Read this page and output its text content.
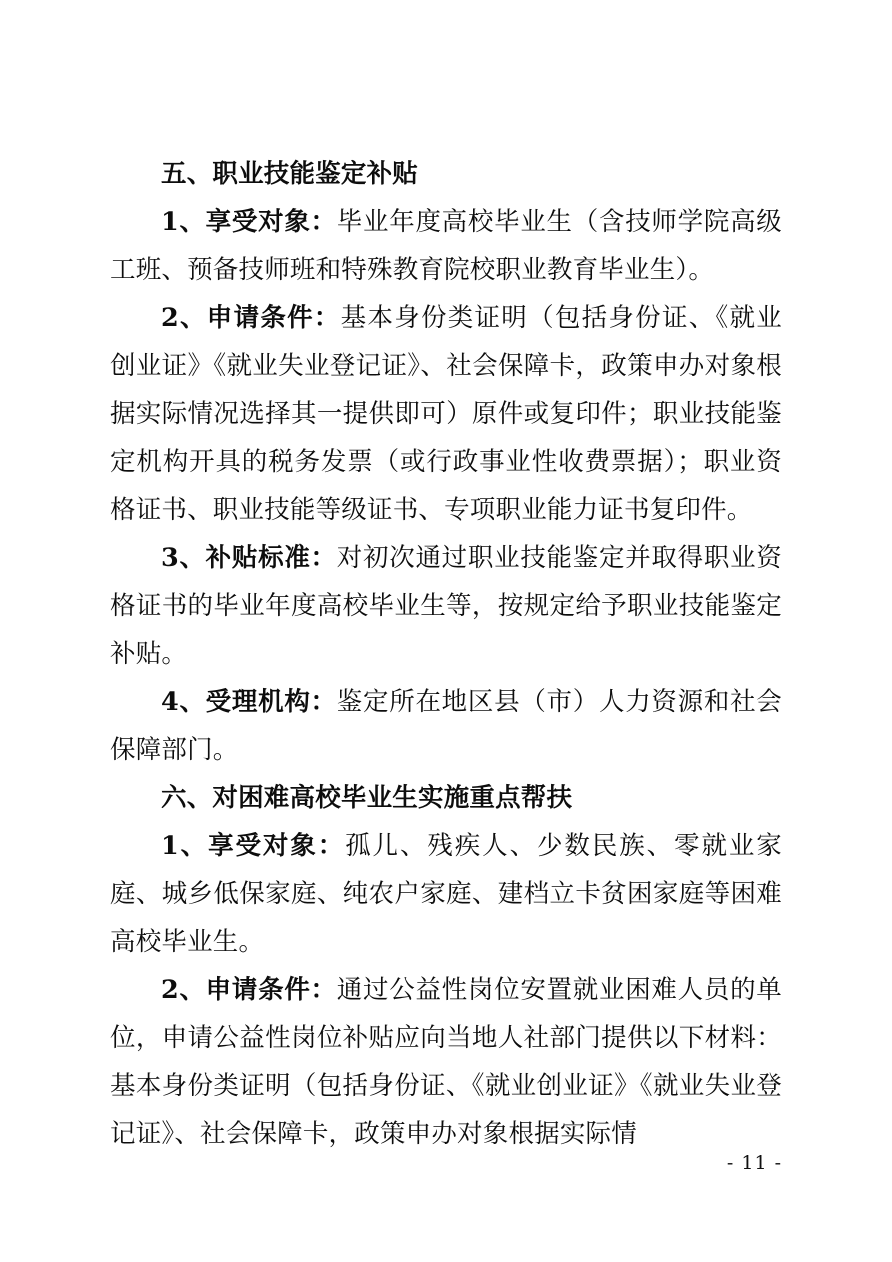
五、职业技能鉴定补贴

1、享受对象：毕业年度高校毕业生（含技师学院高级工班、预备技师班和特殊教育院校职业教育毕业生）。

2、申请条件：基本身份类证明（包括身份证、《就业创业证》《就业失业登记证》、社会保障卡，政策申办对象根据实际情况选择其一提供即可）原件或复印件；职业技能鉴定机构开具的税务发票（或行政事业性收费票据）；职业资格证书、职业技能等级证书、专项职业能力证书复印件。

3、补贴标准：对初次通过职业技能鉴定并取得职业资格证书的毕业年度高校毕业生等，按规定给予职业技能鉴定补贴。

4、受理机构：鉴定所在地区县（市）人力资源和社会保障部门。

六、对困难高校毕业生实施重点帮扶

1、享受对象：孤儿、残疾人、少数民族、零就业家庭、城乡低保家庭、纯农户家庭、建档立卡贫困家庭等困难高校毕业生。

2、申请条件：通过公益性岗位安置就业困难人员的单位，申请公益性岗位补贴应向当地人社部门提供以下材料：基本身份类证明（包括身份证、《就业创业证》《就业失业登记证》、社会保障卡，政策申办对象根据实际情

- 11 -
